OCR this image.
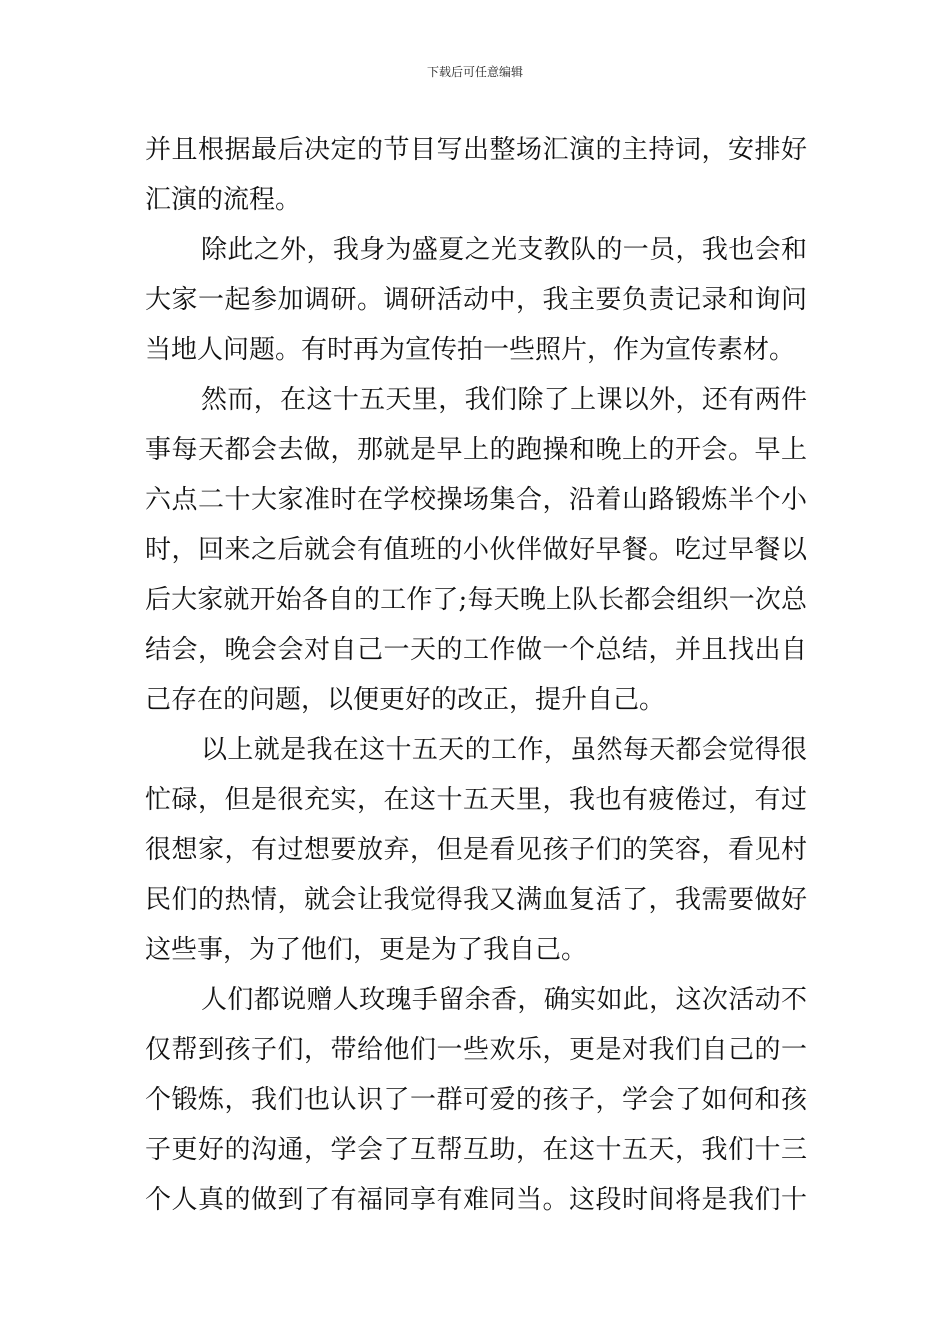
下载后可任意编辑
并且根据最后决定的节目写出整场汇演的主持词，安排好
汇演的流程。
除此之外，我身为盛夏之光支教队的一员，我也会和
大家一起参加调研。调研活动中，我主要负责记录和询问
当地人问题。有时再为宣传拍一些照片，作为宣传素材。
然而，在这十五天里，我们除了上课以外，还有两件
事每天都会去做，那就是早上的跑操和晚上的开会。早上
六点二十大家准时在学校操场集合，沿着山路锻炼半个小
时，回来之后就会有值班的小伙伴做好早餐。吃过早餐以
后大家就开始各自的工作了;每天晚上队长都会组织一次总
结会，晚会会对自己一天的工作做一个总结，并且找出自
己存在的问题，以便更好的改正，提升自己。
以上就是我在这十五天的工作，虽然每天都会觉得很
忙碌，但是很充实，在这十五天里，我也有疲倦过，有过
很想家，有过想要放弃，但是看见孩子们的笑容，看见村
民们的热情，就会让我觉得我又满血复活了，我需要做好
这些事，为了他们，更是为了我自己。
人们都说赠人玫瑰手留余香，确实如此，这次活动不
仅帮到孩子们，带给他们一些欢乐，更是对我们自己的一
个锻炼，我们也认识了一群可爱的孩子，学会了如何和孩
子更好的沟通，学会了互帮互助，在这十五天，我们十三
个人真的做到了有福同享有难同当。这段时间将是我们十
